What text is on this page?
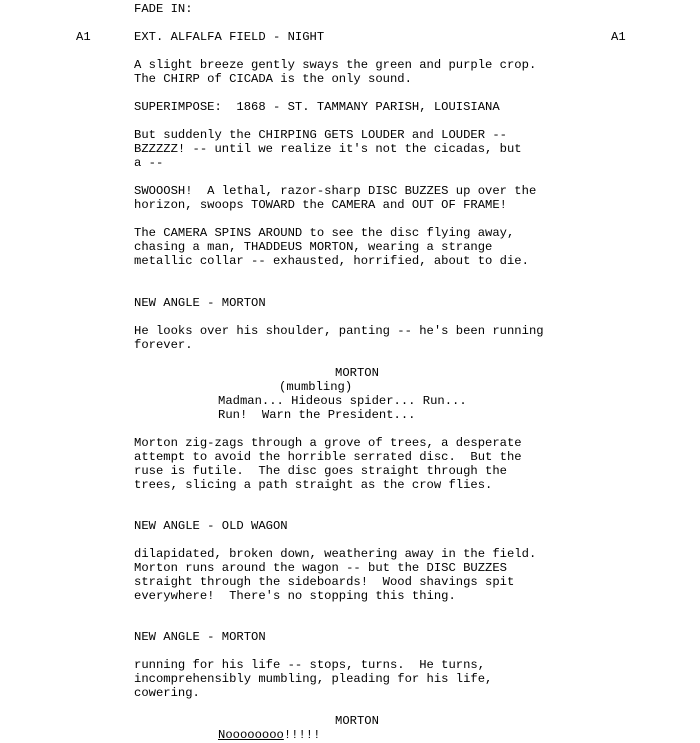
FADE IN:
A1	EXT. ALFALFA FIELD - NIGHT	A1
A slight breeze gently sways the green and purple crop.
The CHIRP of CICADA is the only sound.
SUPERIMPOSE:  1868 - ST. TAMMANY PARISH, LOUISIANA
But suddenly the CHIRPING GETS LOUDER and LOUDER --
BZZZZZ! -- until we realize it's not the cicadas, but
a --
SWOOOSH!  A lethal, razor-sharp DISC BUZZES up over the
horizon, swoops TOWARD the CAMERA and OUT OF FRAME!
The CAMERA SPINS AROUND to see the disc flying away,
chasing a man, THADDEUS MORTON, wearing a strange
metallic collar -- exhausted, horrified, about to die.
NEW ANGLE - MORTON
He looks over his shoulder, panting -- he's been running
forever.
MORTON
(mumbling)
Madman... Hideous spider... Run...
Run!  Warn the President...
Morton zig-zags through a grove of trees, a desperate
attempt to avoid the horrible serrated disc.  But the
ruse is futile.  The disc goes straight through the
trees, slicing a path straight as the crow flies.
NEW ANGLE - OLD WAGON
dilapidated, broken down, weathering away in the field.
Morton runs around the wagon -- but the DISC BUZZES
straight through the sideboards!  Wood shavings spit
everywhere!  There's no stopping this thing.
NEW ANGLE - MORTON
running for his life -- stops, turns.  He turns,
incomprehensibly mumbling, pleading for his life,
cowering.
MORTON
Noooooooo!!!!!
